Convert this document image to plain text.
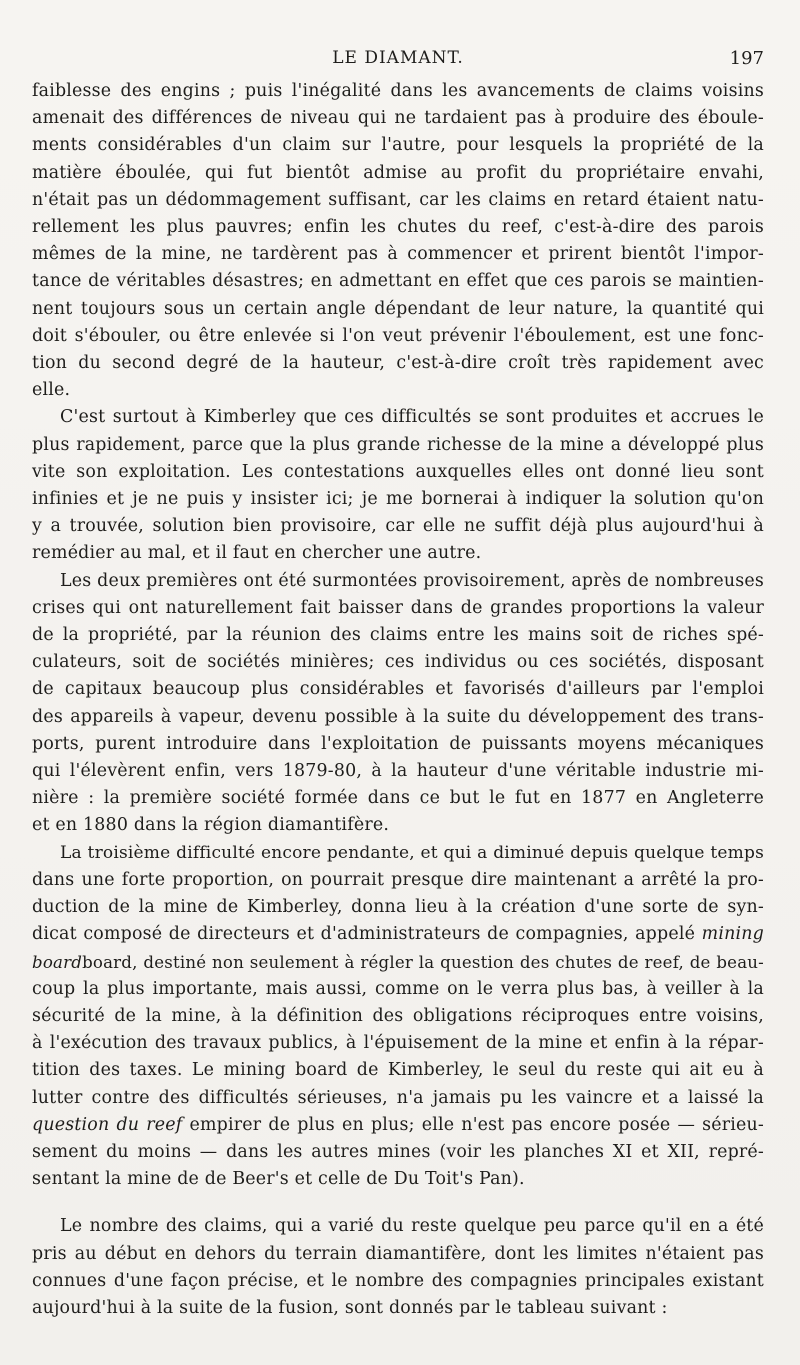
LE DIAMANT.	197
faiblesse des engins ; puis l'inégalité dans les avancements de claims voisins
amenait des différences de niveau qui ne tardaient pas à produire des éboule-
ments considérables d'un claim sur l'autre, pour lesquels la propriété de la
matière éboulée, qui fut bientôt admise au profit du propriétaire envahi,
n'était pas un dédommagement suffisant, car les claims en retard étaient natu-
rellement les plus pauvres; enfin les chutes du reef, c'est-à-dire des parois
mêmes de la mine, ne tardèrent pas à commencer et prirent bientôt l'impor-
tance de véritables désastres; en admettant en effet que ces parois se maintien-
nent toujours sous un certain angle dépendant de leur nature, la quantité qui
doit s'ébouler, ou être enlevée si l'on veut prévenir l'éboulement, est une fonc-
tion du second degré de la hauteur, c'est-à-dire croît très rapidement avec
elle.
C'est surtout à Kimberley que ces difficultés se sont produites et accrues le
plus rapidement, parce que la plus grande richesse de la mine a développé plus
vite son exploitation. Les contestations auxquelles elles ont donné lieu sont
infinies et je ne puis y insister ici; je me bornerai à indiquer la solution qu'on
y a trouvée, solution bien provisoire, car elle ne suffit déjà plus aujourd'hui à
remédier au mal, et il faut en chercher une autre.
Les deux premières ont été surmontées provisoirement, après de nombreuses
crises qui ont naturellement fait baisser dans de grandes proportions la valeur
de la propriété, par la réunion des claims entre les mains soit de riches spé-
culateurs, soit de sociétés minières; ces individus ou ces sociétés, disposant
de capitaux beaucoup plus considérables et favorisés d'ailleurs par l'emploi
des appareils à vapeur, devenu possible à la suite du développement des trans-
ports, purent introduire dans l'exploitation de puissants moyens mécaniques
qui l'élevèrent enfin, vers 1879-80, à la hauteur d'une véritable industrie mi-
nière : la première société formée dans ce but le fut en 1877 en Angleterre
et en 1880 dans la région diamantifère.
La troisième difficulté encore pendante, et qui a diminué depuis quelque temps
dans une forte proportion, on pourrait presque dire maintenant a arrêté la pro-
duction de la mine de Kimberley, donna lieu à la création d'une sorte de syn-
dicat composé de directeurs et d'administrateurs de compagnies, appelé mining
boardboard, destiné non seulement à régler la question des chutes de reef, de beau-
coup la plus importante, mais aussi, comme on le verra plus bas, à veiller à la
sécurité de la mine, à la définition des obligations réciproques entre voisins,
à l'exécution des travaux publics, à l'épuisement de la mine et enfin à la répar-
tition des taxes. Le mining board de Kimberley, le seul du reste qui ait eu à
lutter contre des difficultés sérieuses, n'a jamais pu les vaincre et a laissé la
question du reef empirer de plus en plus; elle n'est pas encore posée — sérieu-
sement du moins — dans les autres mines (voir les planches XI et XII, repré-
sentant la mine de de Beer's et celle de Du Toit's Pan).
Le nombre des claims, qui a varié du reste quelque peu parce qu'il en a été
pris au début en dehors du terrain diamantifère, dont les limites n'étaient pas
connues d'une façon précise, et le nombre des compagnies principales existant
aujourd'hui à la suite de la fusion, sont donnés par le tableau suivant :
